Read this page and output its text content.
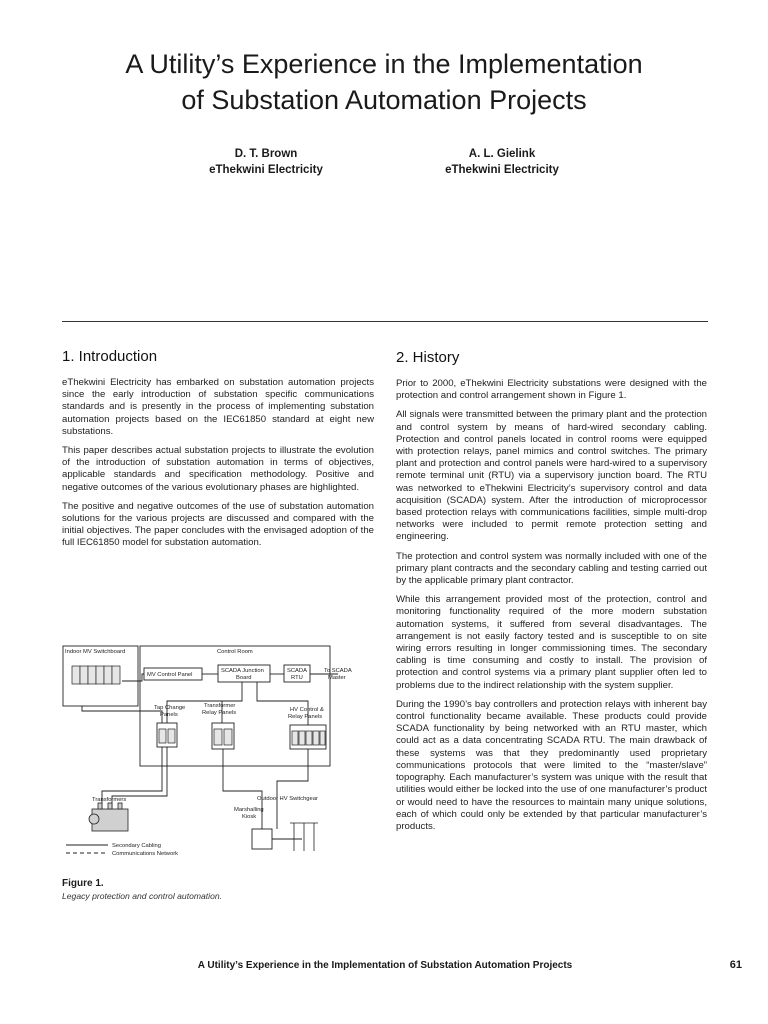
A Utility’s Experience in the Implementation
of Substation Automation Projects
D. T. Brown
eThekwini Electricity
A. L. Gielink
eThekwini Electricity
1. Introduction

eThekwini Electricity has embarked on substation automation projects since the early introduction of substation specific communications standards and is presently in the process of implementing substation automation projects based on the IEC61850 standard at eight new substations.

This paper describes actual substation projects to illustrate the evolution of the introduction of substation automation in terms of objectives, applicable standards and specification methodology. Positive and negative outcomes of the various evolutionary phases are highlighted.

The positive and negative outcomes of the use of substation automation solutions for the various projects are discussed and compared with the initial objectives. The paper concludes with the envisaged adoption of the full IEC61850 model for substation automation.

Indoor MV Switchboard	Control Room
MV Control Panel
SCADA Junction
Board
SCADA
RTU
To SCADA
Master
Tap Change
Panels
Transformer
Relay Panels	HV Control &
Relay Panels
Outdoor HV Switchgear
Transformers
Marshalling
Kiosk
Secondary Cabling
Communications Network
Figure 1.
Legacy protection and control automation.
2. History

Prior to 2000, eThekwini Electricity substations were designed with the protection and control arrangement shown in Figure 1.

All signals were transmitted between the primary plant and the protection and control system by means of hard-wired secondary cabling. Protection and control panels located in control rooms were equipped with protection relays, panel mimics and control switches. The primary plant and protection and control panels were hard-wired to a supervisory remote terminal unit (RTU) via a supervisory junction board. The RTU was networked to eThekwini Electricity’s supervisory control and data acquisition (SCADA) system. After the introduction of microprocessor based protection relays with communications facilities, simple multi-drop networks were included to permit remote protection setting and engineering.

The protection and control system was normally included with one of the primary plant contracts and the secondary cabling and testing carried out by the applicable primary plant contractor.

While this arrangement provided most of the protection, control and monitoring functionality required of the more modern substation automation systems, it suffered from several disadvantages. The arrangement is not easily factory tested and is susceptible to on site wiring errors resulting in longer commissioning times. The secondary cabling is time consuming and costly to install. The provision of protection and control systems via a primary plant supplier often led to problems due to the indirect relationship with the system supplier.

During the 1990’s bay controllers and protection relays with inherent bay control functionality became available. These products could provide SCADA functionality by being networked with an RTU master, which could act as a data concentrating SCADA RTU. The main drawback of these systems was that they predominantly used proprietary communications protocols that were limited to the “master/slave” topography. Each manufacturer’s system was unique with the result that utilities would either be locked into the use of one manufacturer’s product or would need to have the resources to maintain many unique solutions, each of which could only be extended by that particular manufacturer’s products.

A Utility’s Experience in the Implementation of Substation Automation Projects	61
